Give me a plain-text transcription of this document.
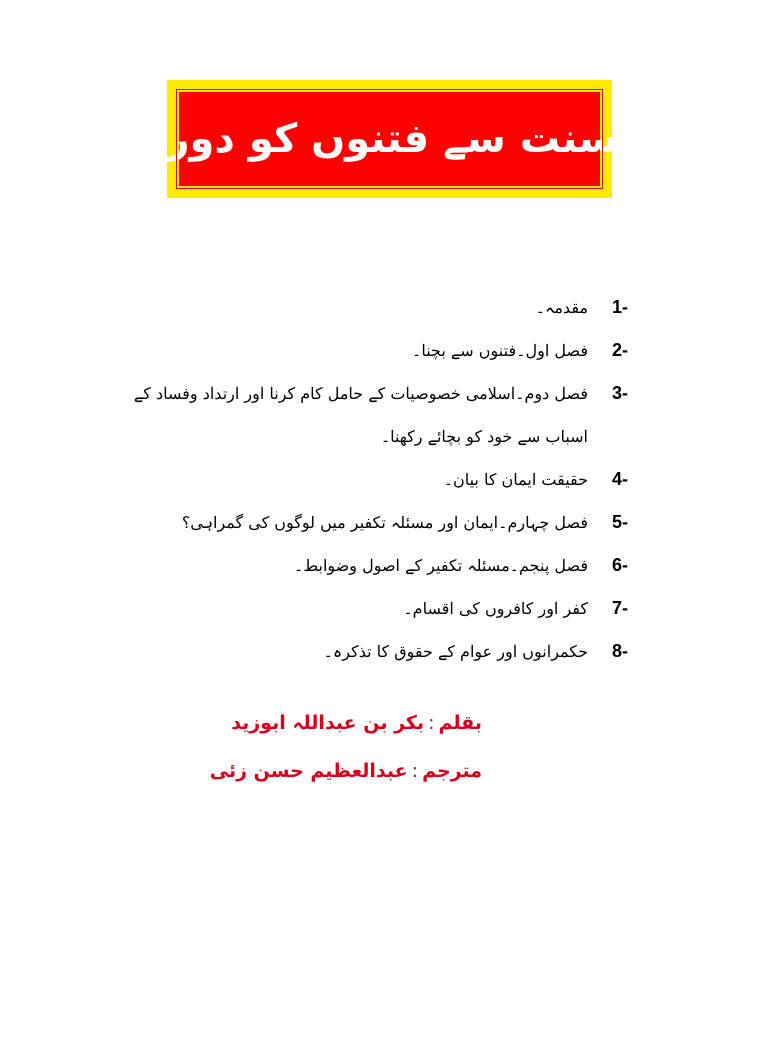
اہل سنت سے فتنوں کو دور کرنا
1-
مقدمہ۔
2-
فصل اول۔فتنوں سے بچنا۔
3-
فصل دوم۔اسلامی خصوصیات کے حامل کام کرنا اور ارتداد وفساد کے
اسباب سے خود کو بچائے رکھنا۔
4-
حقیقت ایمان کا بیان۔
5-
فصل چہارم۔ایمان اور مسئلہ تکفیر میں لوگوں کی گمراہی؟
6-
فصل پنجم۔مسئلہ تکفیر کے اصول وضوابط۔
7-
کفر اور کافروں کی اقسام۔
8-
حکمرانوں اور عوام کے حقوق کا تذکرہ۔
بقلم:بکر بن عبداللہ ابوزید
مترجم:عبدالعظیم حسن زئی
